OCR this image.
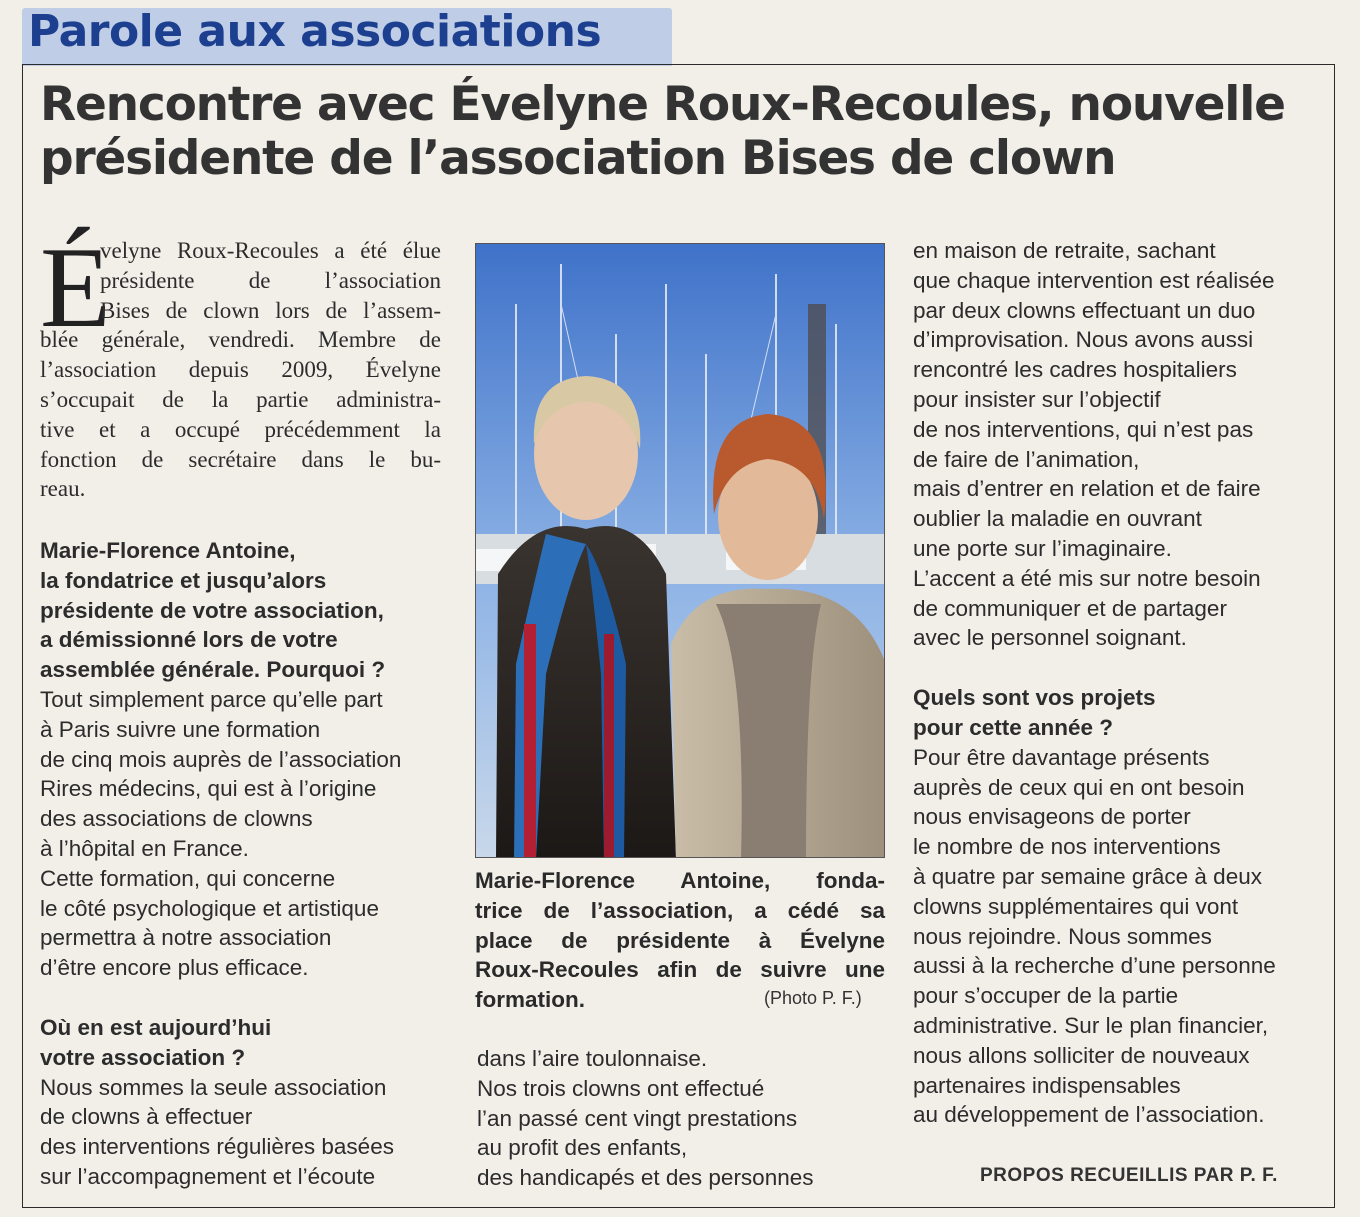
Parole aux associations
Rencontre avec Évelyne Roux-Recoules, nouvelle
présidente de l’association Bises de clown
É
velyne Roux-Recoules a été élue
présidente de l’association
Bises de clown lors de l’assem-
blée générale, vendredi. Membre de
l’association depuis 2009, Évelyne
s’occupait de la partie administra-
tive et a occupé précédemment la
fonction de secrétaire dans le bu-
reau.
Marie-Florence Antoine,
la fondatrice et jusqu’alors
présidente de votre association,
a démissionné lors de votre
assemblée générale. Pourquoi ?
Tout simplement parce qu’elle part
à Paris suivre une formation
de cinq mois auprès de l’association
Rires médecins, qui est à l’origine
des associations de clowns
à l’hôpital en France.
Cette formation, qui concerne
le côté psychologique et artistique
permettra à notre association
d’être encore plus efficace.
Où en est aujourd’hui
votre association ?
Nous sommes la seule association
de clowns à effectuer
des interventions régulières basées
sur l’accompagnement et l’écoute
Marie-Florence Antoine, fonda-
trice de l’association, a cédé sa
place de présidente à Évelyne
Roux-Recoules afin de suivre une
formation.	(Photo P. F.)
dans l’aire toulonnaise.
Nos trois clowns ont effectué
l’an passé cent vingt prestations
au profit des enfants,
des handicapés et des personnes
en maison de retraite, sachant
que chaque intervention est réalisée
par deux clowns effectuant un duo
d’improvisation. Nous avons aussi
rencontré les cadres hospitaliers
pour insister sur l’objectif
de nos interventions, qui n’est pas
de faire de l’animation,
mais d’entrer en relation et de faire
oublier la maladie en ouvrant
une porte sur l’imaginaire.
L’accent a été mis sur notre besoin
de communiquer et de partager
avec le personnel soignant.
Quels sont vos projets
pour cette année ?
Pour être davantage présents
auprès de ceux qui en ont besoin
nous envisageons de porter
le nombre de nos interventions
à quatre par semaine grâce à deux
clowns supplémentaires qui vont
nous rejoindre. Nous sommes
aussi à la recherche d’une personne
pour s’occuper de la partie
administrative. Sur le plan financier,
nous allons solliciter de nouveaux
partenaires indispensables
au développement de l’association.
PROPOS RECUEILLIS PAR P. F.
